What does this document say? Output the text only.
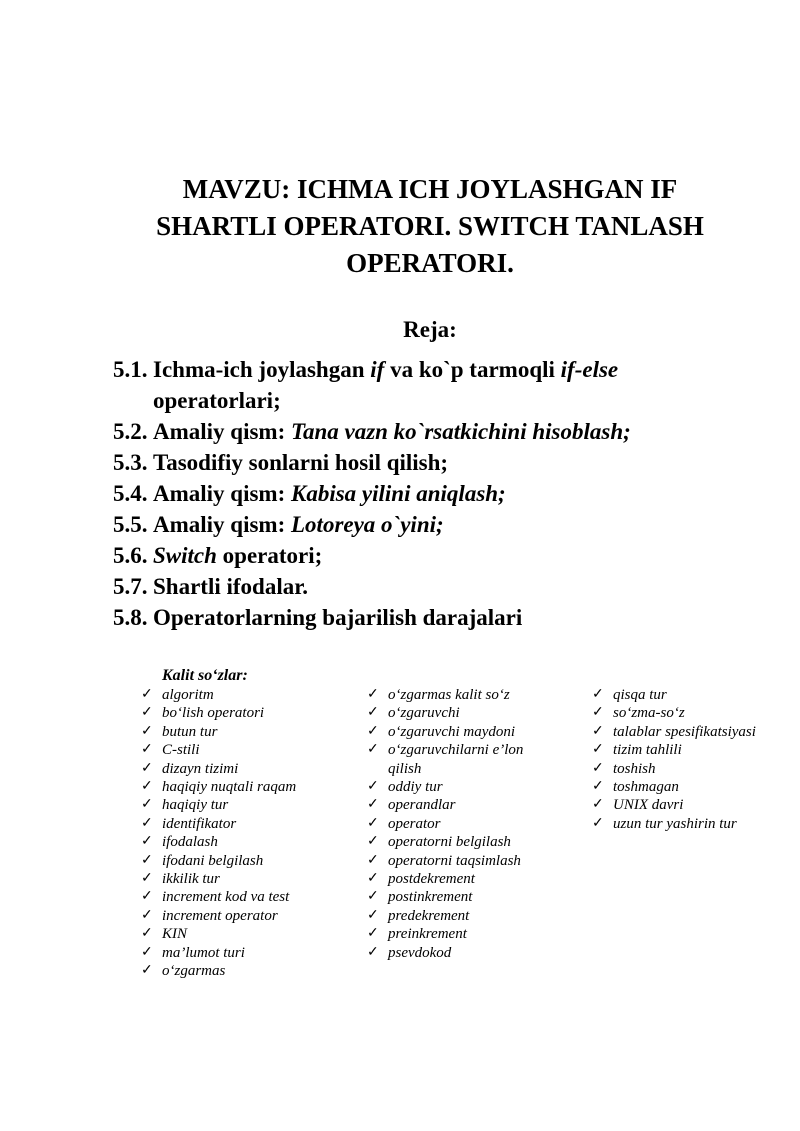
MAVZU: ICHMA ICH JOYLASHGAN IF SHARTLI OPERATORI. SWITCH TANLASH OPERATORI.
Reja:
5.1. Ichma-ich joylashgan if va ko`p tarmoqli if-else operatorlari;
5.2. Amaliy qism: Tana vazn ko`rsatkichini hisoblash;
5.3. Tasodifiy sonlarni hosil qilish;
5.4. Amaliy qism: Kabisa yilini aniqlash;
5.5. Amaliy qism: Lotoreya o`yini;
5.6. Switch operatori;
5.7. Shartli ifodalar.
5.8. Operatorlarning bajarilish darajalari
Kalit so‘zlar:
✓ algoritm
✓ bo‘lish operatori
✓ butun tur
✓ C-stili
✓ dizayn tizimi
✓ haqiqiy nuqtali raqam
✓ haqiqiy tur
✓ identifikator
✓ ifodalash
✓ ifodani belgilash
✓ ikkilik tur
✓ increment kod va test
✓ increment operator
✓ KIN
✓ ma’lumot turi
✓ o‘zgarmas
✓ o‘zgarmas kalit so‘z
✓ o‘zgaruvchi
✓ o‘zgaruvchi maydoni
✓ o‘zgaruvchilarni e’lon qilish
✓ oddiy tur
✓ operandlar
✓ operator
✓ operatorni belgilash
✓ operatorni taqsimlash
✓ postdekrement
✓ postinkrement
✓ predekrement
✓ preinkrement
✓ psevdokod
✓ qisqa tur
✓ so‘zma-so‘z
✓ talablar spesifikatsiyasi
✓ tizim tahlili
✓ toshish
✓ toshmagan
✓ UNIX davri
✓ uzun tur yashirin tur
